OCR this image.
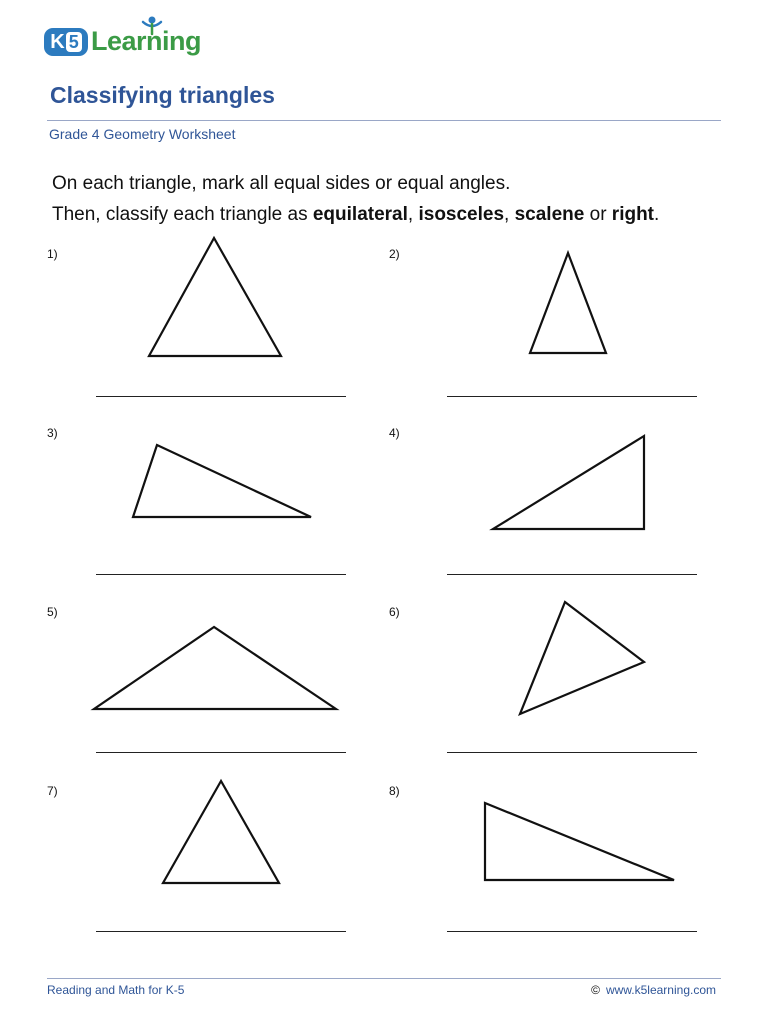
K 5 Learning
Classifying triangles
Grade 4 Geometry Worksheet
On each triangle, mark all equal sides or equal angles.
Then, classify each triangle as equilateral, isosceles, scalene or right.
1)	2)
3)	4)
5)	6)
7)	8)
Reading and Math for K-5	© www.k5learning.com
